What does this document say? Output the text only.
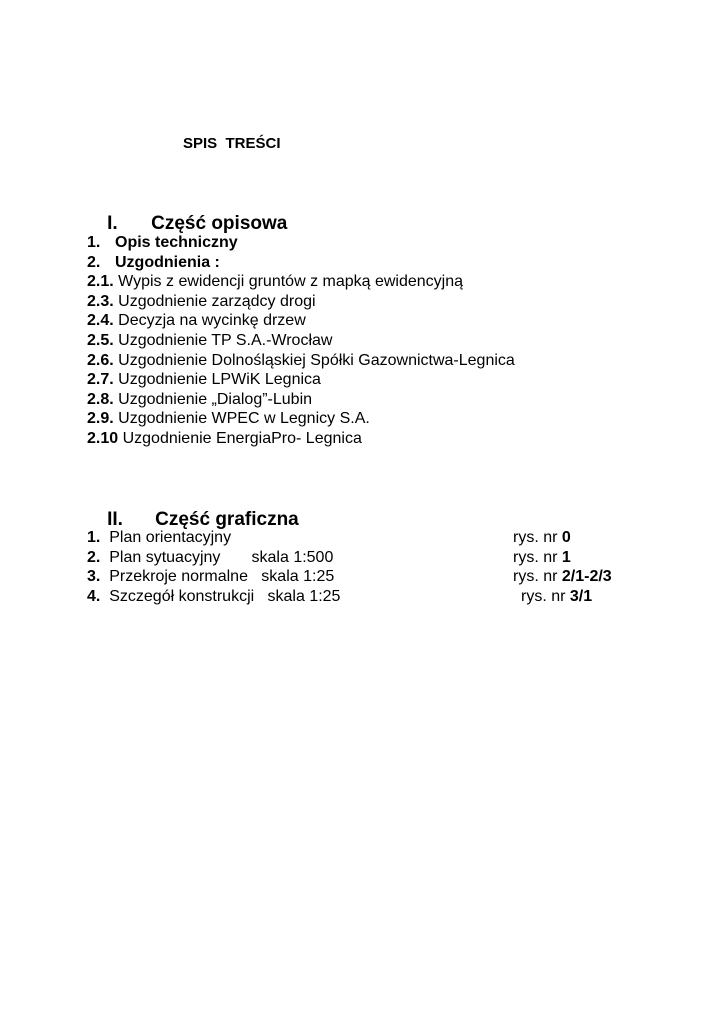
SPIS  TREŚCI

I. Część opisowa

1. Opis techniczny
2. Uzgodnienia :
2.1. Wypis z ewidencji gruntów z mapką ewidencyjną
2.3. Uzgodnienie zarządcy drogi
2.4. Decyzja na wycinkę drzew
2.5. Uzgodnienie TP S.A.-Wrocław
2.6. Uzgodnienie Dolnośląskiej Spółki Gazownictwa-Legnica
2.7. Uzgodnienie LPWiK Legnica
2.8. Uzgodnienie „Dialog”-Lubin
2.9. Uzgodnienie WPEC w Legnicy S.A.
2.10 Uzgodnienie EnergiaPro- Legnica

II. Część graficzna

1.  Plan orientacyjny	rys. nr 0
2.  Plan sytuacyjny       skala 1:500	rys. nr 1
3.  Przekroje normalne   skala 1:25	rys. nr 2/1-2/3
4.  Szczegół konstrukcji   skala 1:25	rys. nr 3/1
